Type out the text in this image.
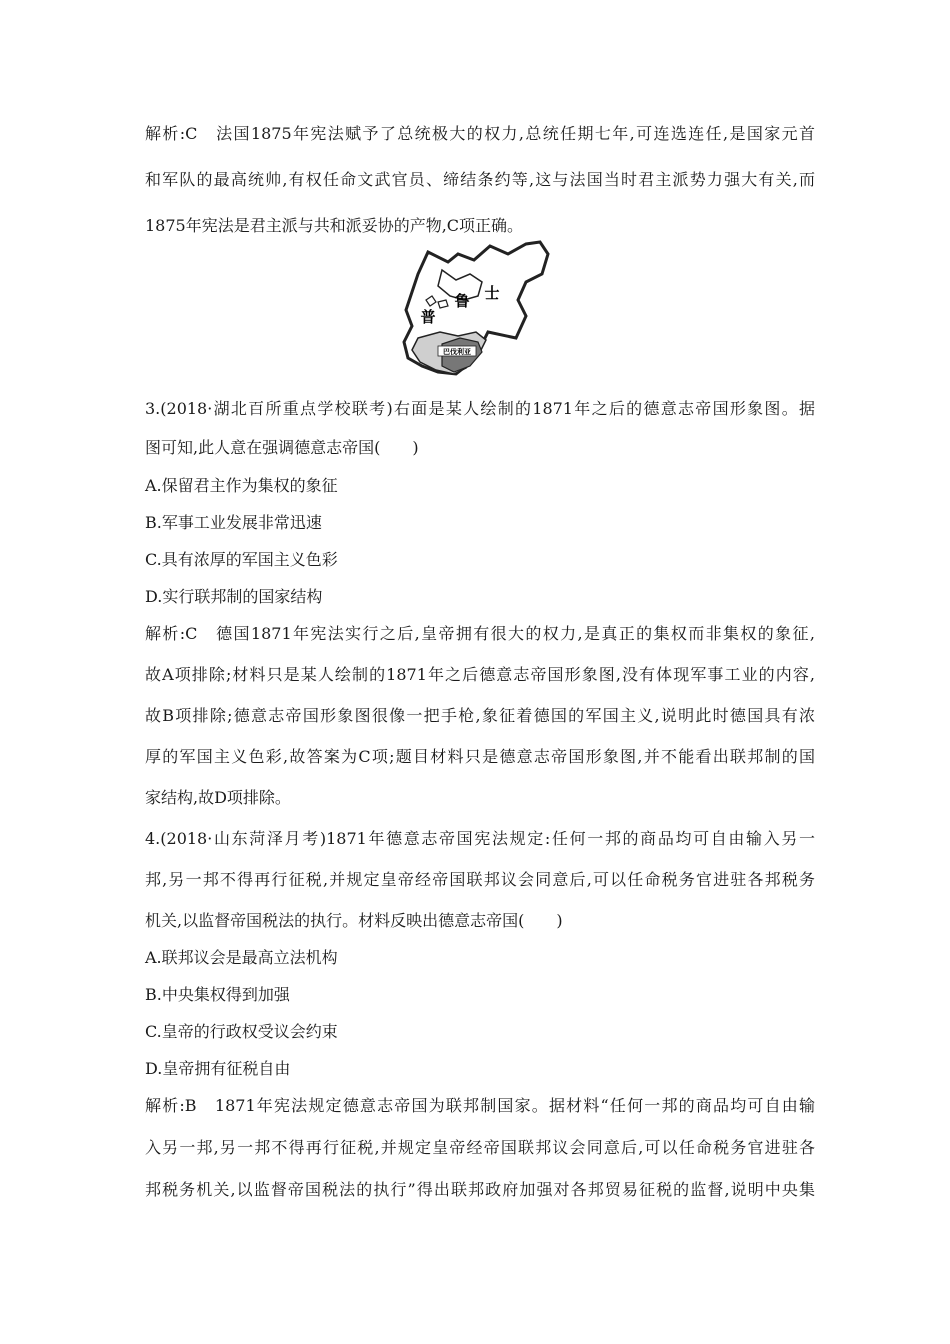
解析:C　法国1875年宪法赋予了总统极大的权力,总统任期七年,可连选连任,是国家元首
和军队的最高统帅,有权任命文武官员、缔结条约等,这与法国当时君主派势力强大有关,而
1875年宪法是君主派与共和派妥协的产物,C项正确。
巴伐利亚
普
鲁 士
3.(2018·湖北百所重点学校联考)右面是某人绘制的1871年之后的德意志帝国形象图。据
图可知,此人意在强调德意志帝国(　　)
A.保留君主作为集权的象征
B.军事工业发展非常迅速
C.具有浓厚的军国主义色彩
D.实行联邦制的国家结构
解析:C　德国1871年宪法实行之后,皇帝拥有很大的权力,是真正的集权而非集权的象征,
故A项排除;材料只是某人绘制的1871年之后德意志帝国形象图,没有体现军事工业的内容,
故B项排除;德意志帝国形象图很像一把手枪,象征着德国的军国主义,说明此时德国具有浓
厚的军国主义色彩,故答案为C项;题目材料只是德意志帝国形象图,并不能看出联邦制的国
家结构,故D项排除。
4.(2018·山东菏泽月考)1871年德意志帝国宪法规定:任何一邦的商品均可自由输入另一
邦,另一邦不得再行征税,并规定皇帝经帝国联邦议会同意后,可以任命税务官进驻各邦税务
机关,以监督帝国税法的执行。材料反映出德意志帝国(　　)
A.联邦议会是最高立法机构
B.中央集权得到加强
C.皇帝的行政权受议会约束
D.皇帝拥有征税自由
解析:B　1871年宪法规定德意志帝国为联邦制国家。据材料“任何一邦的商品均可自由输
入另一邦,另一邦不得再行征税,并规定皇帝经帝国联邦议会同意后,可以任命税务官进驻各
邦税务机关,以监督帝国税法的执行”得出联邦政府加强对各邦贸易征税的监督,说明中央集
